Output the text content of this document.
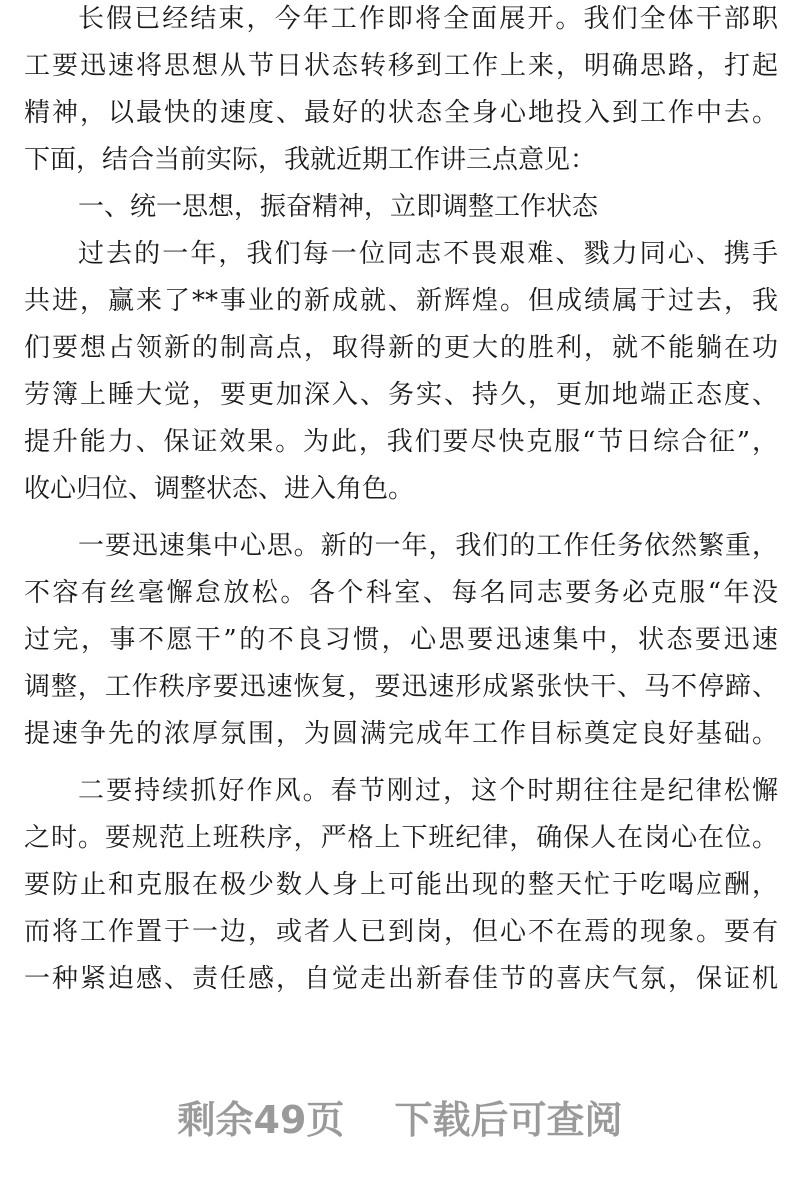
长假已经结束，今年工作即将全面展开。我们全体干部职
工要迅速将思想从节日状态转移到工作上来，明确思路，打起
精神，以最快的速度、最好的状态全身心地投入到工作中去。
下面，结合当前实际，我就近期工作讲三点意见：
一、统一思想，振奋精神，立即调整工作状态
过去的一年，我们每一位同志不畏艰难、戮力同心、携手
共进，赢来了**事业的新成就、新辉煌。但成绩属于过去，我
们要想占领新的制高点，取得新的更大的胜利，就不能躺在功
劳簿上睡大觉，要更加深入、务实、持久，更加地端正态度、
提升能力、保证效果。为此，我们要尽快克服“节日综合征”，
收心归位、调整状态、进入角色。
一要迅速集中心思。新的一年，我们的工作任务依然繁重，
不容有丝毫懈怠放松。各个科室、每名同志要务必克服“年没
过完，事不愿干”的不良习惯，心思要迅速集中，状态要迅速
调整，工作秩序要迅速恢复，要迅速形成紧张快干、马不停蹄、
提速争先的浓厚氛围，为圆满完成年工作目标奠定良好基础。
二要持续抓好作风。春节刚过，这个时期往往是纪律松懈
之时。要规范上班秩序，严格上下班纪律，确保人在岗心在位。
要防止和克服在极少数人身上可能出现的整天忙于吃喝应酬，
而将工作置于一边，或者人已到岗，但心不在焉的现象。要有
一种紧迫感、责任感，自觉走出新春佳节的喜庆气氛，保证机
剩余49页 下载后可查阅
